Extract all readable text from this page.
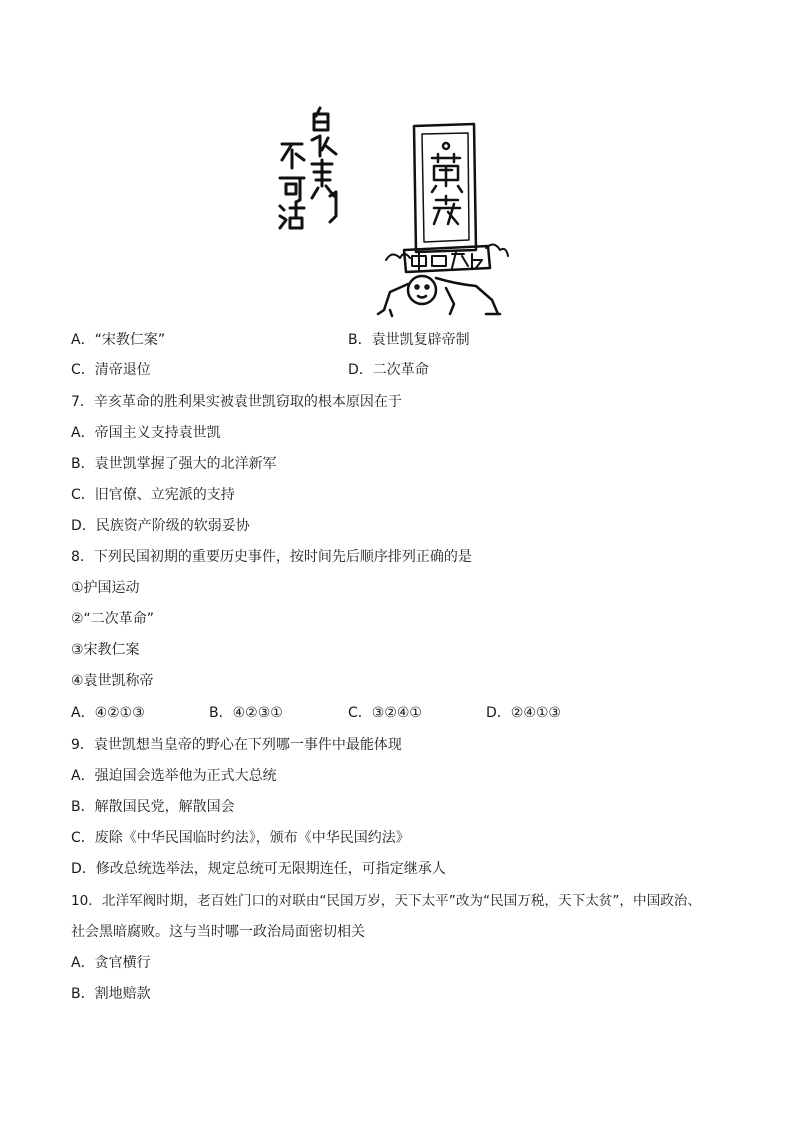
A．“宋教仁案”	B．袁世凯复辟帝制
C．清帝退位	D．二次革命
7．辛亥革命的胜利果实被袁世凯窃取的根本原因在于
A．帝国主义支持袁世凯
B．袁世凯掌握了强大的北洋新军
C．旧官僚、立宪派的支持
D．民族资产阶级的软弱妥协
8．下列民国初期的重要历史事件，按时间先后顺序排列正确的是
①护国运动
②“二次革命”
③宋教仁案
④袁世凯称帝
A．④②①③	B．④②③①	C．③②④①	D．②④①③
9．袁世凯想当皇帝的野心在下列哪一事件中最能体现
A．强迫国会选举他为正式大总统
B．解散国民党，解散国会
C．废除《中华民国临时约法》，颁布《中华民国约法》
D．修改总统选举法，规定总统可无限期连任，可指定继承人
10．北洋军阀时期，老百姓门口的对联由“民国万岁，天下太平”改为“民国万税，天下太贫”，中国政治、
社会黑暗腐败。这与当时哪一政治局面密切相关
A．贪官横行
B．割地赔款
